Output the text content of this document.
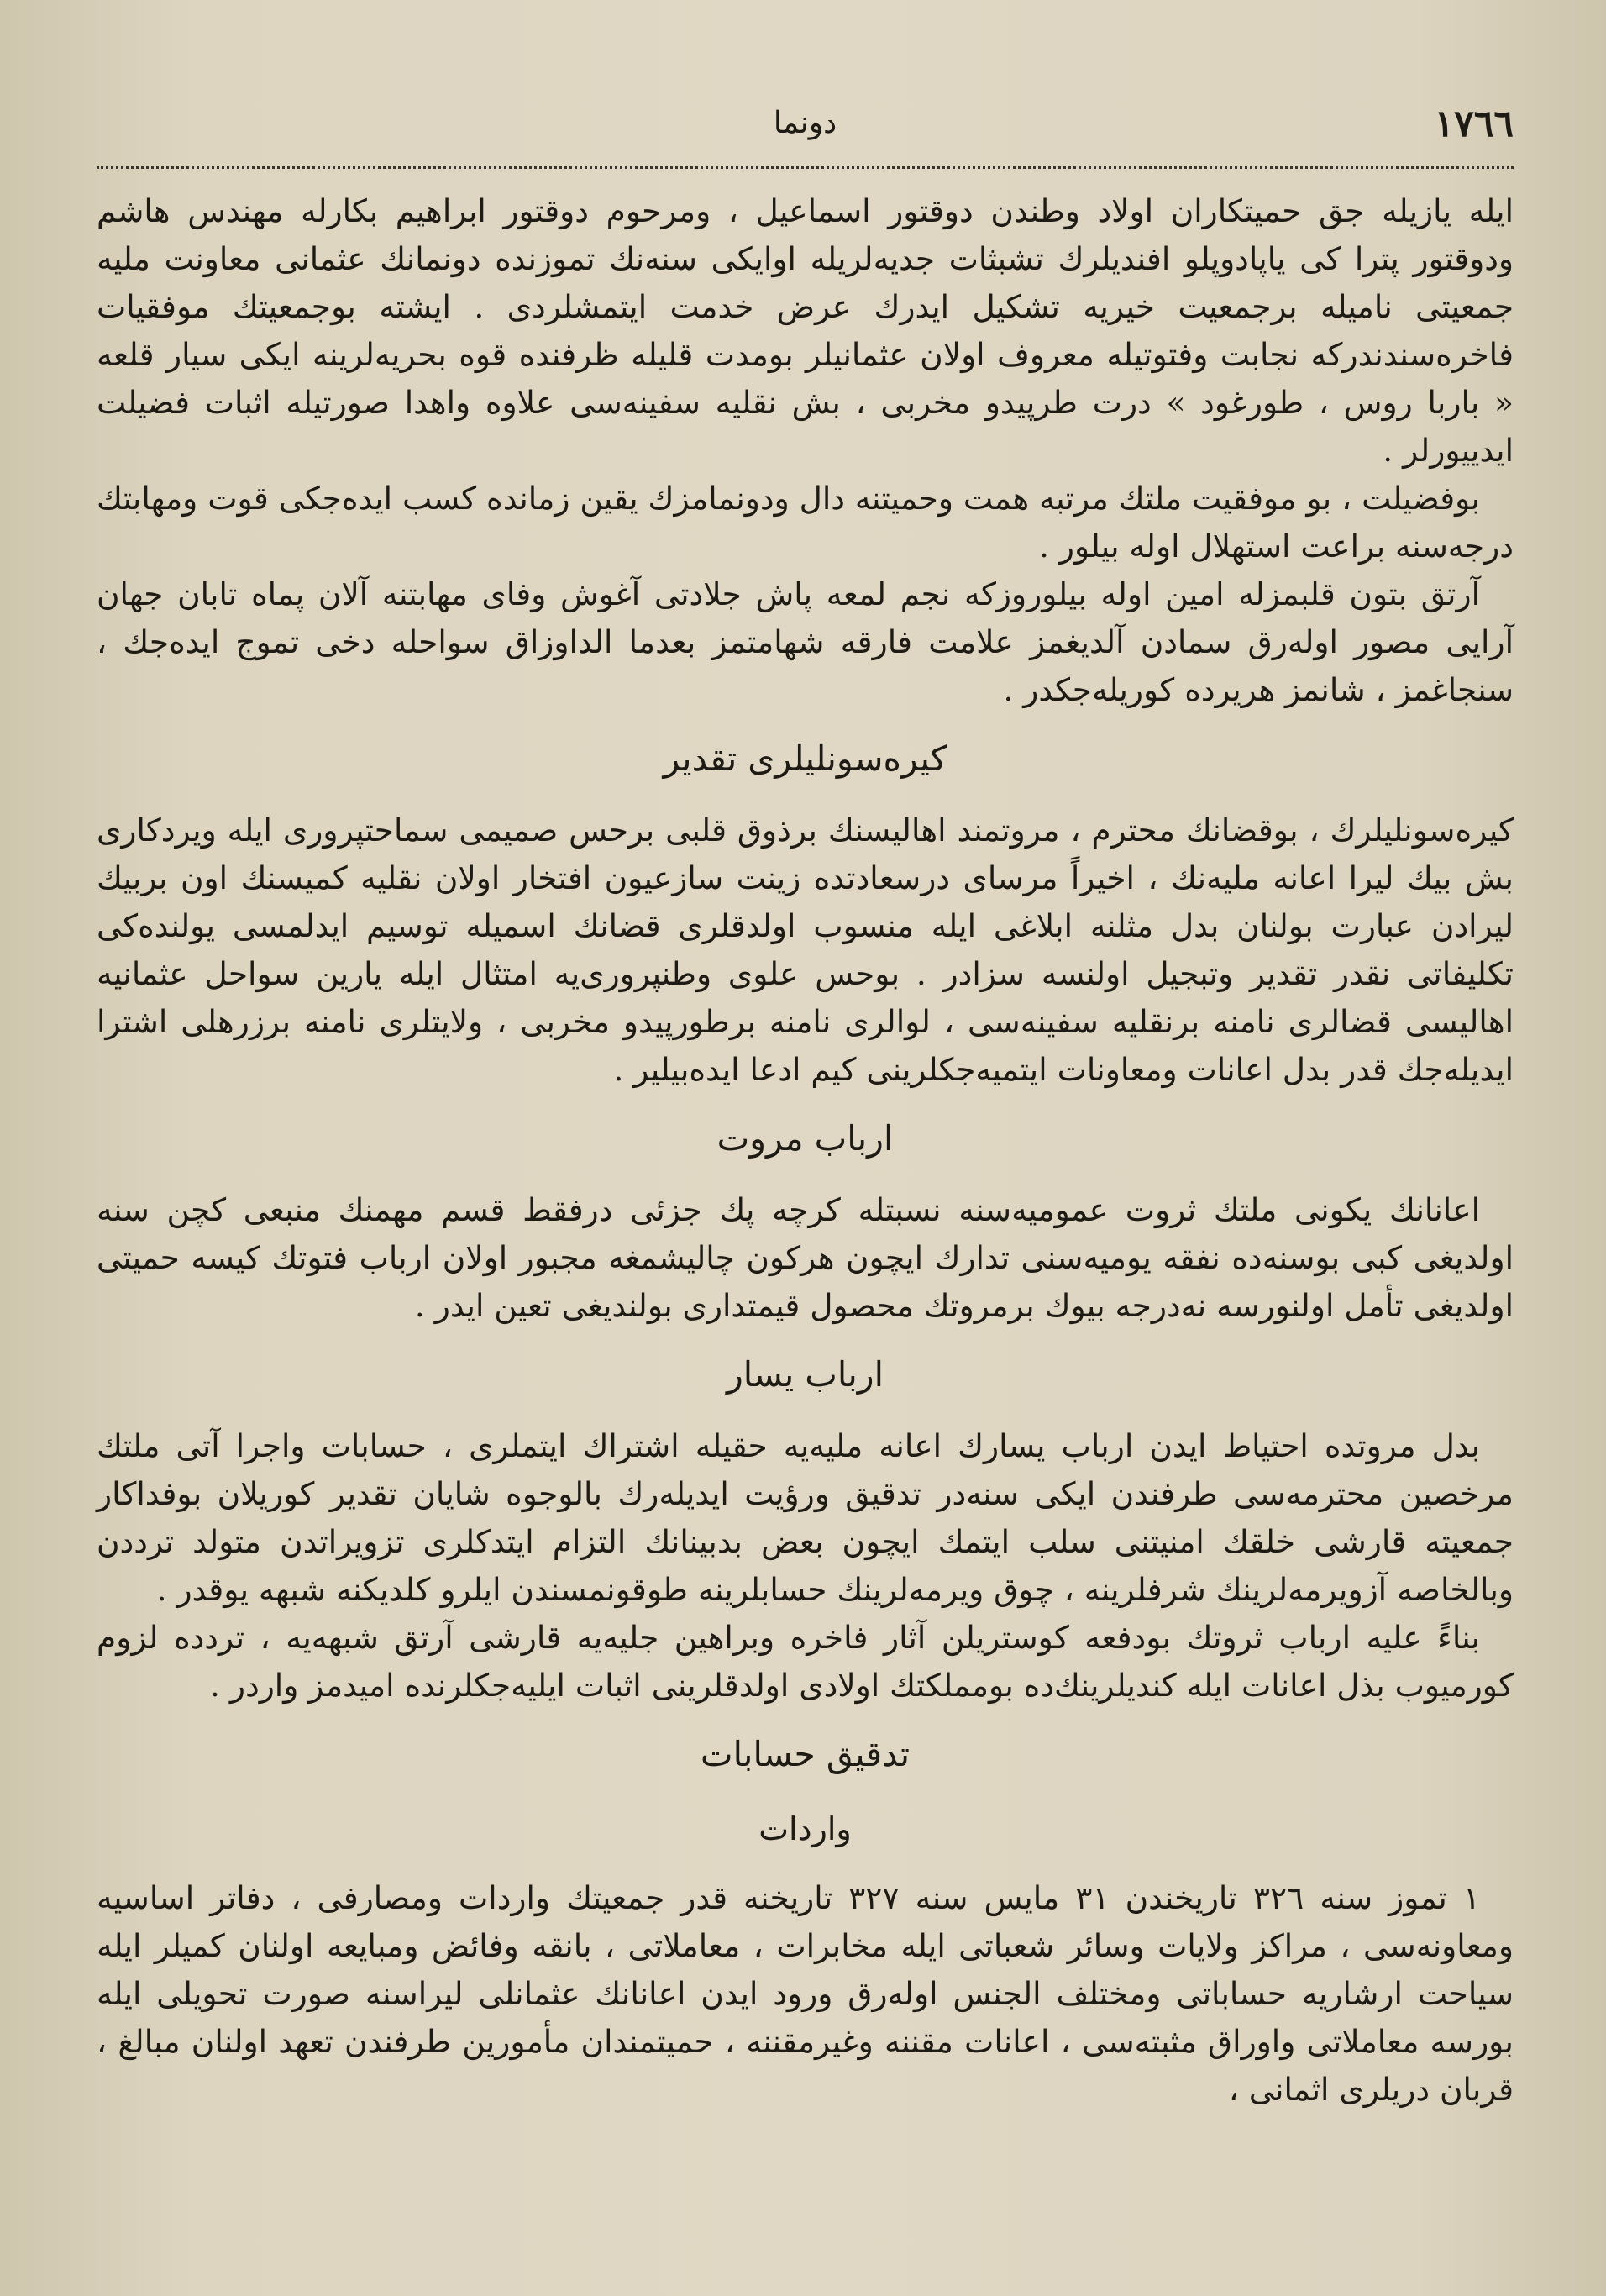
١٧٦٦
دونما

ايله يازيله جق حميتكاران اولاد وطندن دوقتور اسماعيل ، ومرحوم دوقتور ابراهيم بكارله مهندس هاشم ودوقتور پترا كى ياپادوپلو افنديلرك تشبثات جديه‌لريله اوايكى سنه‌نك تموزنده دونمانك عثمانى معاونت مليه جمعيتى ناميله برجمعيت خيريه تشكيل ايدرك عرض خدمت ايتمشلردى . ايشته بوجمعيتك موفقيات فاخره‌سندندركه نجابت وفتوتيله معروف اولان عثمانيلر بومدت قليله ظرفنده قوه بحريه‌لرينه ايكى سيار قلعه « باربا روس ، طورغود » درت طرپيدو مخربى ، بش نقليه سفينه‌سى علاوه واهدا صورتيله اثبات فضيلت ايدييورلر .

بوفضيلت ، بو موفقيت ملتك مرتبه همت وحميتنه دال ودونمامزك يقين زمانده كسب ايده‌جكى قوت ومهابتك درجه‌سنه براعت استهلال اوله بيلور .

آرتق بتون قلبمزله امين اوله بيلوروزكه نجم لمعه پاش جلادتى آغوش وفاى مهابتنه آلان پماه تابان جهان آرايى مصور اوله‌رق سمادن آلديغمز علامت فارقه شهامتمز بعدما الداوزاق سواحله دخى تموج ايده‌جك ، سنجاغمز ، شانمز هريرده كوريله‌جكدر .

كيره‌سونليلرى تقدير

كيره‌سونليلرك ، بوقضانك محترم ، مروتمند اهاليسنك برذوق قلبى برحس صميمى سماحتپرورى ايله ويردكارى بش بيك ليرا اعانه مليه‌نك ، اخيراً مرساى درسعادتده زينت سازعيون افتخار اولان نقليه كميسنك اون بربيك ليرادن عبارت بولنان بدل مثلنه ابلاغى ايله منسوب اولدقلرى قضانك اسميله توسيم ايدلمسى يولنده‌كى تكليفاتى نقدر تقدير وتبجيل اولنسه سزادر . بوحس علوى وطنپرورى‌يه امتثال ايله يارين سواحل عثمانيه اهاليسى قضالرى نامنه برنقليه سفينه‌سى ، لوالرى نامنه برطورپيدو مخربى ، ولايتلرى نامنه برزرهلى اشترا ايديله‌جك قدر بدل اعانات ومعاونات ايتميه‌جكلرينى كيم ادعا ايده‌بيلير .

ارباب مروت

اعانانك يكونى ملتك ثروت عموميه‌سنه نسبتله كرچه پك جزئى درفقط قسم مهمنك منبعى كچن سنه اولديغى كبى بوسنه‌ده نفقه يوميه‌سنى تدارك ايچون هركون چاليشمغه مجبور اولان ارباب فتوتك كيسه حميتى اولديغى تأمل اولنورسه نه‌درجه بيوك برمروتك محصول قيمتدارى بولنديغى تعين ايدر .

ارباب يسار

بدل مروتده احتياط ايدن ارباب يسارك اعانه مليه‌يه حقيله اشتراك ايتملرى ، حسابات واجرا آتى ملتك مرخصين محترمه‌سى طرفندن ايكى سنه‌در تدقيق ورؤيت ايديله‌رك بالوجوه شايان تقدير كوريلان بوفداكار جمعيته قارشى خلقك امنيتنى سلب ايتمك ايچون بعض بدبينانك التزام ايتدكلرى تزويراتدن متولد ترددن وبالخاصه آزويرمه‌لرينك شرفلرينه ، چوق ويرمه‌لرينك حسابلرينه طوقونمسندن ايلرو كلديكنه شبهه يوقدر .

بناءً عليه ارباب ثروتك بودفعه كوستريلن آثار فاخره وبراهين جليه‌يه قارشى آرتق شبهه‌يه ، تردده لزوم كورميوب بذل اعانات ايله كنديلرينك‌ده بومملكتك اولادى اولدقلرينى اثبات ايليه‌جكلرنده اميدمز واردر .

تدقيق حسابات
واردات

١ تموز سنه ٣٢٦ تاريخندن ٣١ مايس سنه ٣٢٧ تاريخنه قدر جمعيتك واردات ومصارفى ، دفاتر اساسيه ومعاونه‌سى ، مراكز ولايات وسائر شعباتى ايله مخابرات ، معاملاتى ، بانقه وفائض ومبايعه اولنان كميلر ايله سياحت ارشاريه حساباتى ومختلف الجنس اوله‌رق ورود ايدن اعانانك عثمانلى ليراسنه صورت تحويلى ايله بورسه معاملاتى واوراق مثبته‌سى ، اعانات مقننه وغيرمقننه ، حميتمندان مأمورين طرفندن تعهد اولنان مبالغ ، قربان دريلرى اثمانى ،
